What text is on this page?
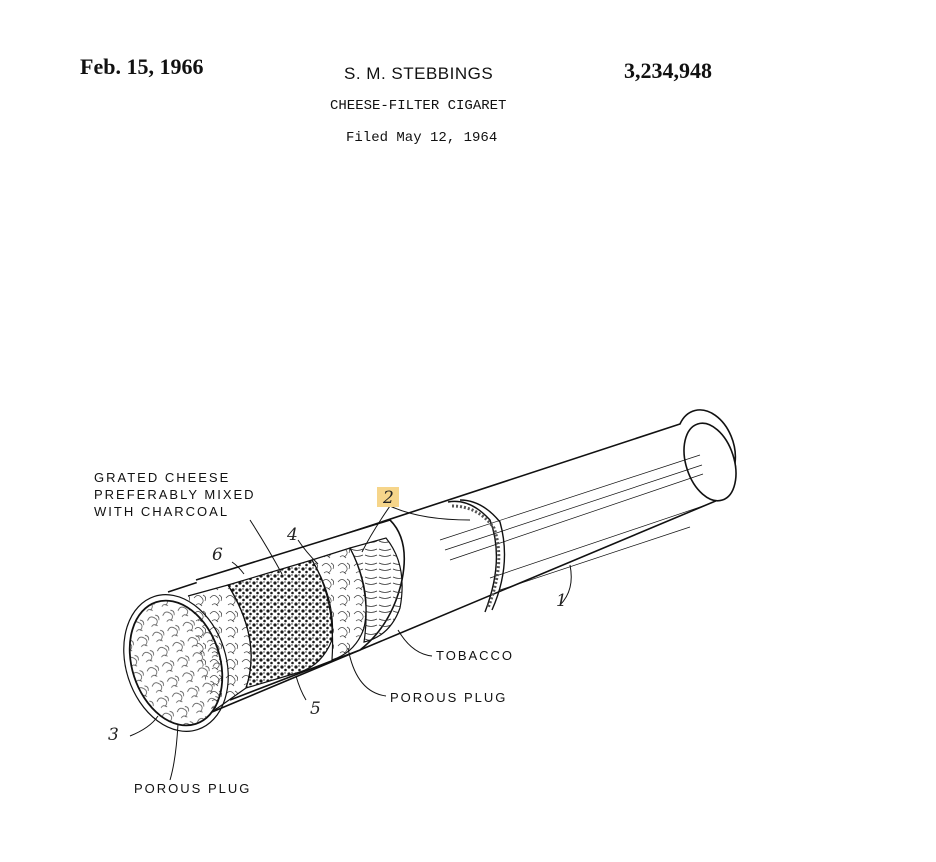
Feb. 15, 1966	S. M. STEBBINGS	3,234,948
CHEESE-FILTER CIGARET
Filed May 12, 1964
GRATED CHEESE
PREFERABLY MIXED
WITH CHARCOAL
TOBACCO
POROUS PLUG
POROUS PLUG
2
4
6
5
3
1
